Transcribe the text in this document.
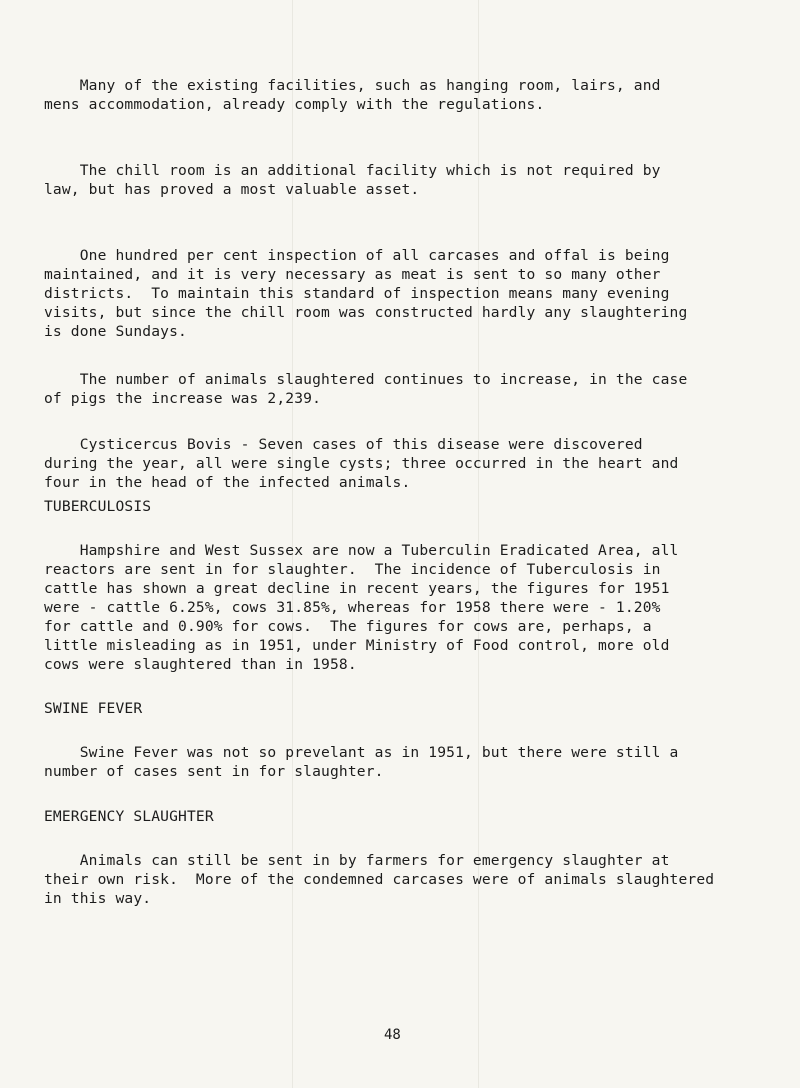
Many of the existing facilities, such as hanging room, lairs, and
mens accommodation, already comply with the regulations.
The chill room is an additional facility which is not required by
law, but has proved a most valuable asset.
One hundred per cent inspection of all carcases and offal is being
maintained, and it is very necessary as meat is sent to so many other
districts.  To maintain this standard of inspection means many evening
visits, but since the chill room was constructed hardly any slaughtering
is done Sundays.
The number of animals slaughtered continues to increase, in the case
of pigs the increase was 2,239.
Cysticercus Bovis - Seven cases of this disease were discovered
during the year, all were single cysts; three occurred in the heart and
four in the head of the infected animals.
TUBERCULOSIS
Hampshire and West Sussex are now a Tuberculin Eradicated Area, all
reactors are sent in for slaughter.  The incidence of Tuberculosis in
cattle has shown a great decline in recent years, the figures for 1951
were - cattle 6.25%, cows 31.85%, whereas for 1958 there were - 1.20%
for cattle and 0.90% for cows.  The figures for cows are, perhaps, a
little misleading as in 1951, under Ministry of Food control, more old
cows were slaughtered than in 1958.
SWINE FEVER
Swine Fever was not so prevelant as in 1951, but there were still a
number of cases sent in for slaughter.
EMERGENCY SLAUGHTER
Animals can still be sent in by farmers for emergency slaughter at
their own risk.  More of the condemned carcases were of animals slaughtered
in this way.
48
